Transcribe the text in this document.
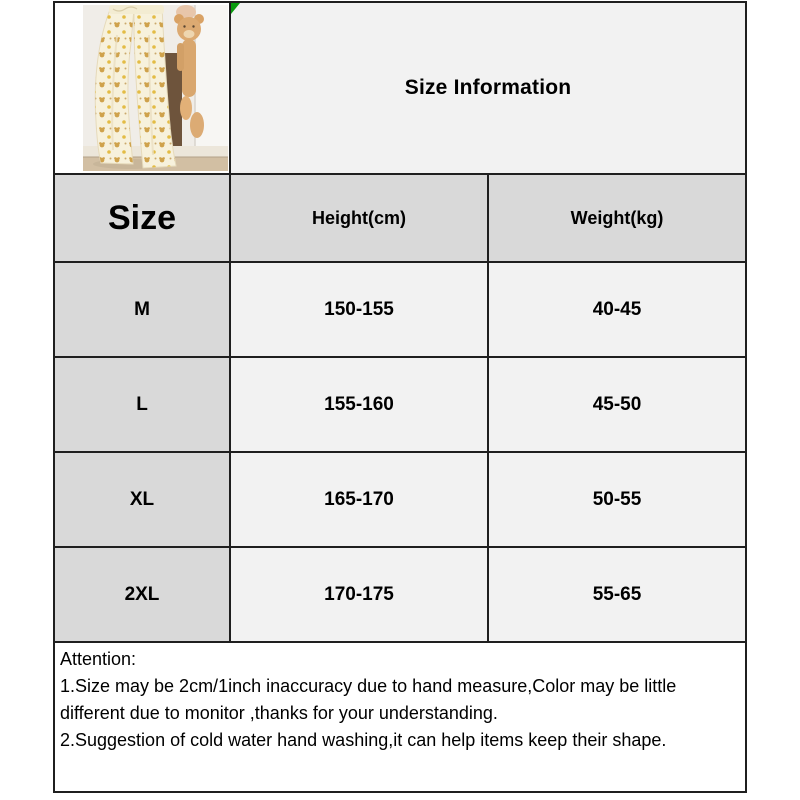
Size Information	
Size	Height(cm)	Weight(kg)
M	150-155	40-45
L	155-160	45-50
XL	165-170	50-55
2XL	170-175	55-65
Attention:
1.Size may be 2cm/1inch inaccuracy due to hand measure,Color may be little different due to monitor ,thanks for your understanding.
2.Suggestion of cold water hand washing,it can help items keep their shape.
